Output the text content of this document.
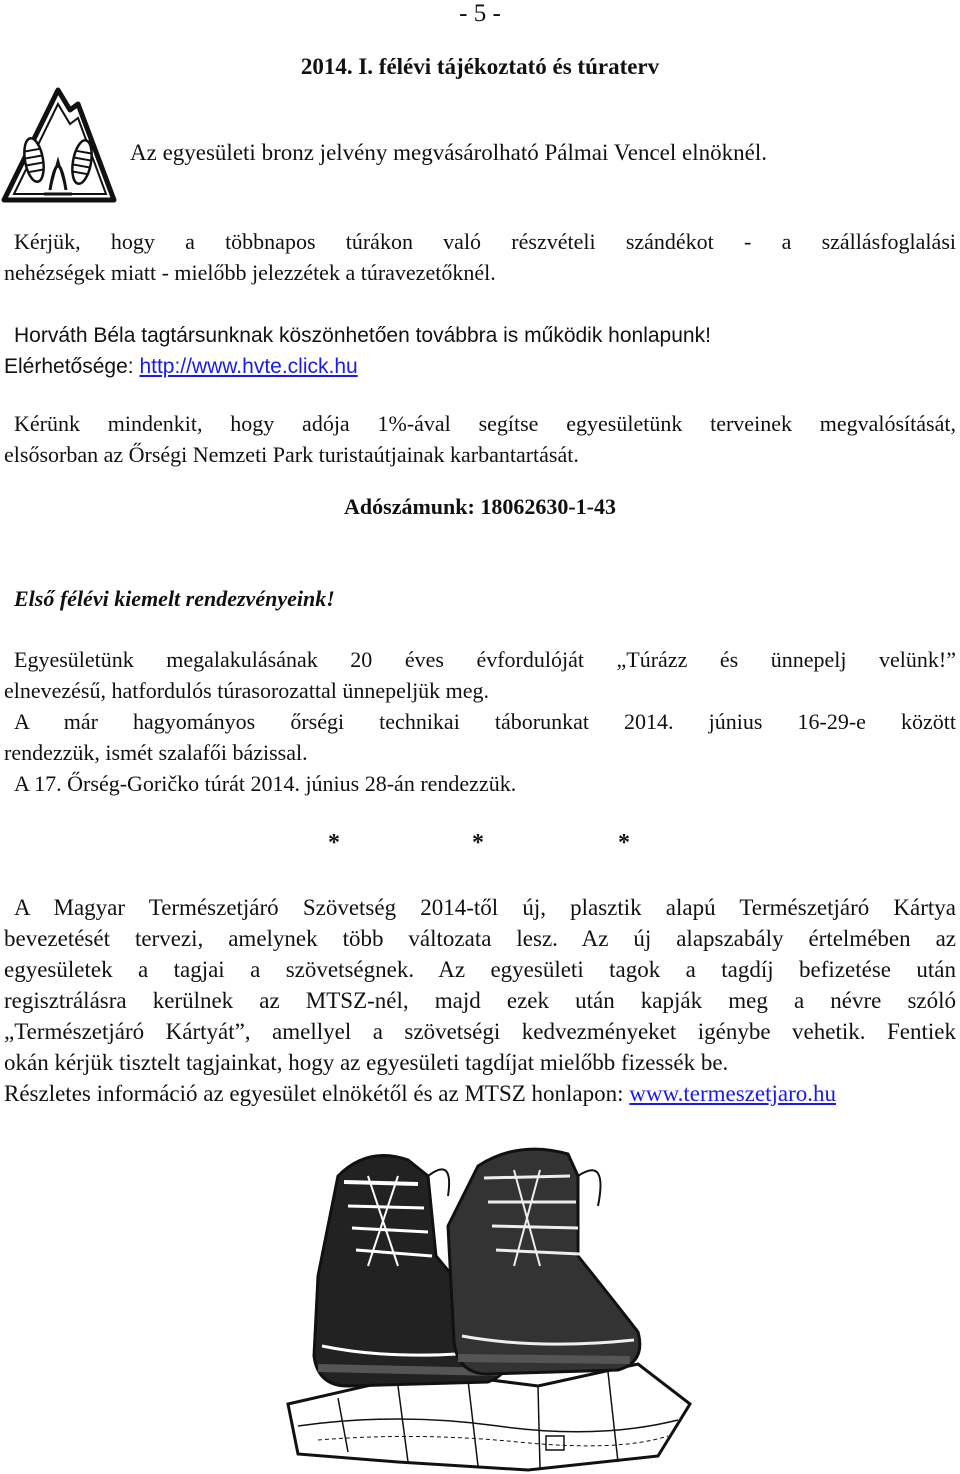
- 5 -
2014. I. félévi tájékoztató és túraterv
Az egyesületi bronz jelvény megvásárolható Pálmai Vencel elnöknél.
Kérjük, hogy a többnapos túrákon való részvételi szándékot - a szállásfoglalási
nehézségek miatt - mielőbb jelezzétek a túravezetőknél.
Horváth Béla tagtársunknak köszönhetően továbbra is működik honlapunk!
Elérhetősége: http://www.hvte.click.hu
Kérünk mindenkit, hogy adója 1%-ával segítse egyesületünk terveinek megvalósítását,
elsősorban az Őrségi Nemzeti Park turistaútjainak karbantartását.
Adószámunk: 18062630-1-43
Első félévi kiemelt rendezvényeink!
Egyesületünk megalakulásának 20 éves évfordulóját „Túrázz és ünnepelj velünk!”
elnevezésű, hatfordulós túrasorozattal ünnepeljük meg.
A már hagyományos őrségi technikai táborunkat 2014. június 16-29-e között
rendezzük, ismét szalafői bázissal.
A 17. Őrség-Goričko túrát 2014. június 28-án rendezzük.
*	*	*
A Magyar Természetjáró Szövetség 2014-től új, plasztik alapú Természetjáró Kártya
bevezetését tervezi, amelynek több változata lesz. Az új alapszabály értelmében az
egyesületek a tagjai a szövetségnek. Az egyesületi tagok a tagdíj befizetése után
regisztrálásra kerülnek az MTSZ-nél, majd ezek után kapják meg a névre szóló
„Természetjáró Kártyát”, amellyel a szövetségi kedvezményeket igénybe vehetik. Fentiek
okán kérjük tisztelt tagjainkat, hogy az egyesületi tagdíjat mielőbb fizessék be.
Részletes információ az egyesület elnökétől és az MTSZ honlapon: www.termeszetjaro.hu
